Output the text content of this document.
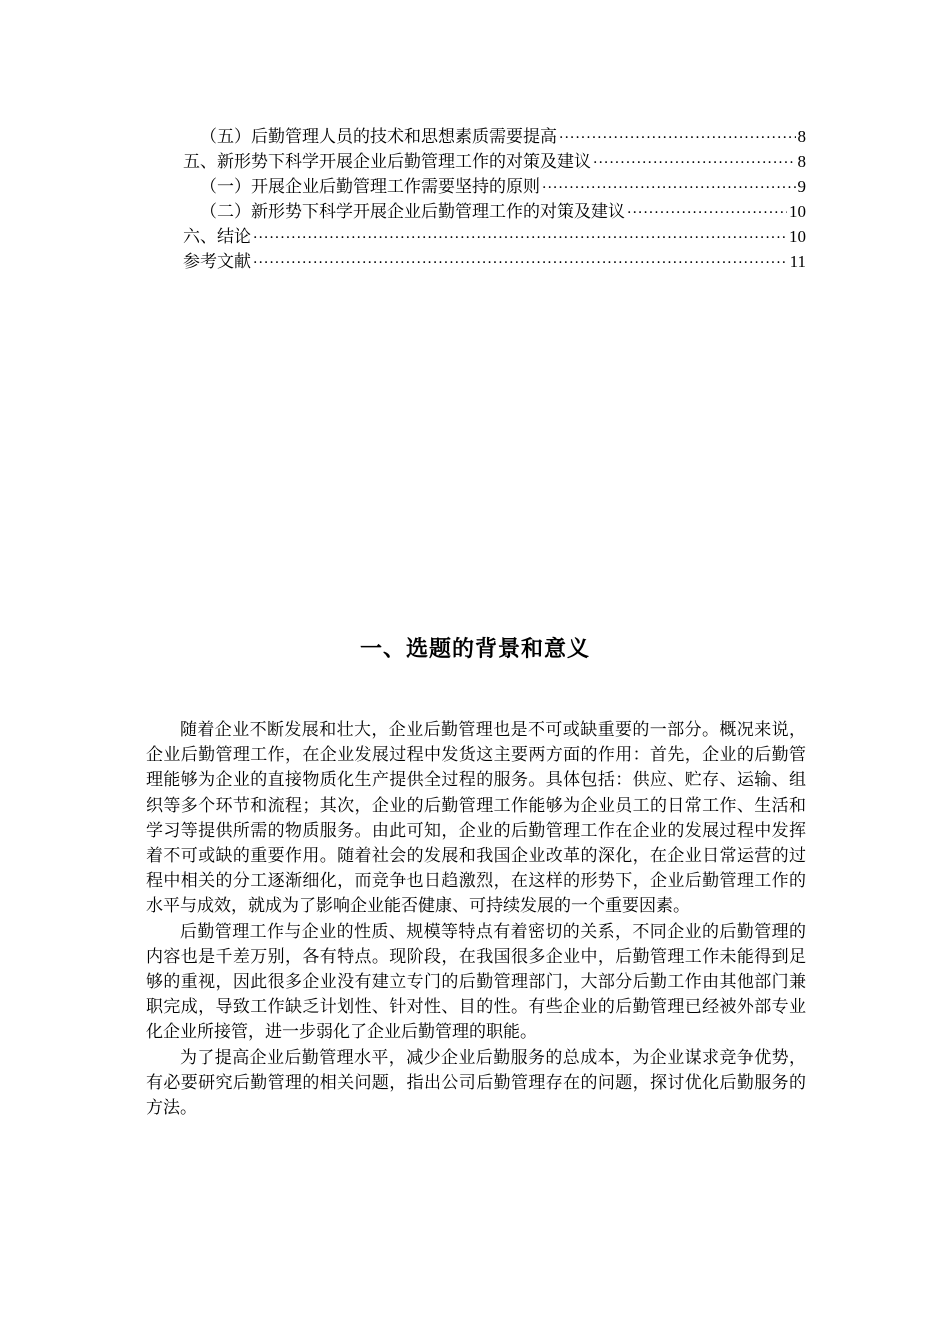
（五）后勤管理人员的技术和思想素质需要提高 ·····	8
五、新形势下科学开展企业后勤管理工作的对策及建议 ·····	8
（一）开展企业后勤管理工作需要坚持的原则 ·····	9
（二）新形势下科学开展企业后勤管理工作的对策及建议 ·····	10
六、结论 ·····	10
参考文献 ·····	11
一、选题的背景和意义

随着企业不断发展和壮大，企业后勤管理也是不可或缺重要的一部分。概况来说，企业后勤管理工作，在企业发展过程中发货这主要两方面的作用：首先，企业的后勤管理能够为企业的直接物质化生产提供全过程的服务。具体包括：供应、贮存、运输、组织等多个环节和流程；其次，企业的后勤管理工作能够为企业员工的日常工作、生活和学习等提供所需的物质服务。由此可知，企业的后勤管理工作在企业的发展过程中发挥着不可或缺的重要作用。随着社会的发展和我国企业改革的深化，在企业日常运营的过程中相关的分工逐渐细化，而竞争也日趋激烈，在这样的形势下，企业后勤管理工作的水平与成效，就成为了影响企业能否健康、可持续发展的一个重要因素。

后勤管理工作与企业的性质、规模等特点有着密切的关系，不同企业的后勤管理的内容也是千差万别，各有特点。现阶段，在我国很多企业中，后勤管理工作未能得到足够的重视，因此很多企业没有建立专门的后勤管理部门，大部分后勤工作由其他部门兼职完成，导致工作缺乏计划性、针对性、目的性。有些企业的后勤管理已经被外部专业化企业所接管，进一步弱化了企业后勤管理的职能。

为了提高企业后勤管理水平，减少企业后勤服务的总成本，为企业谋求竞争优势，有必要研究后勤管理的相关问题，指出公司后勤管理存在的问题，探讨优化后勤服务的方法。
